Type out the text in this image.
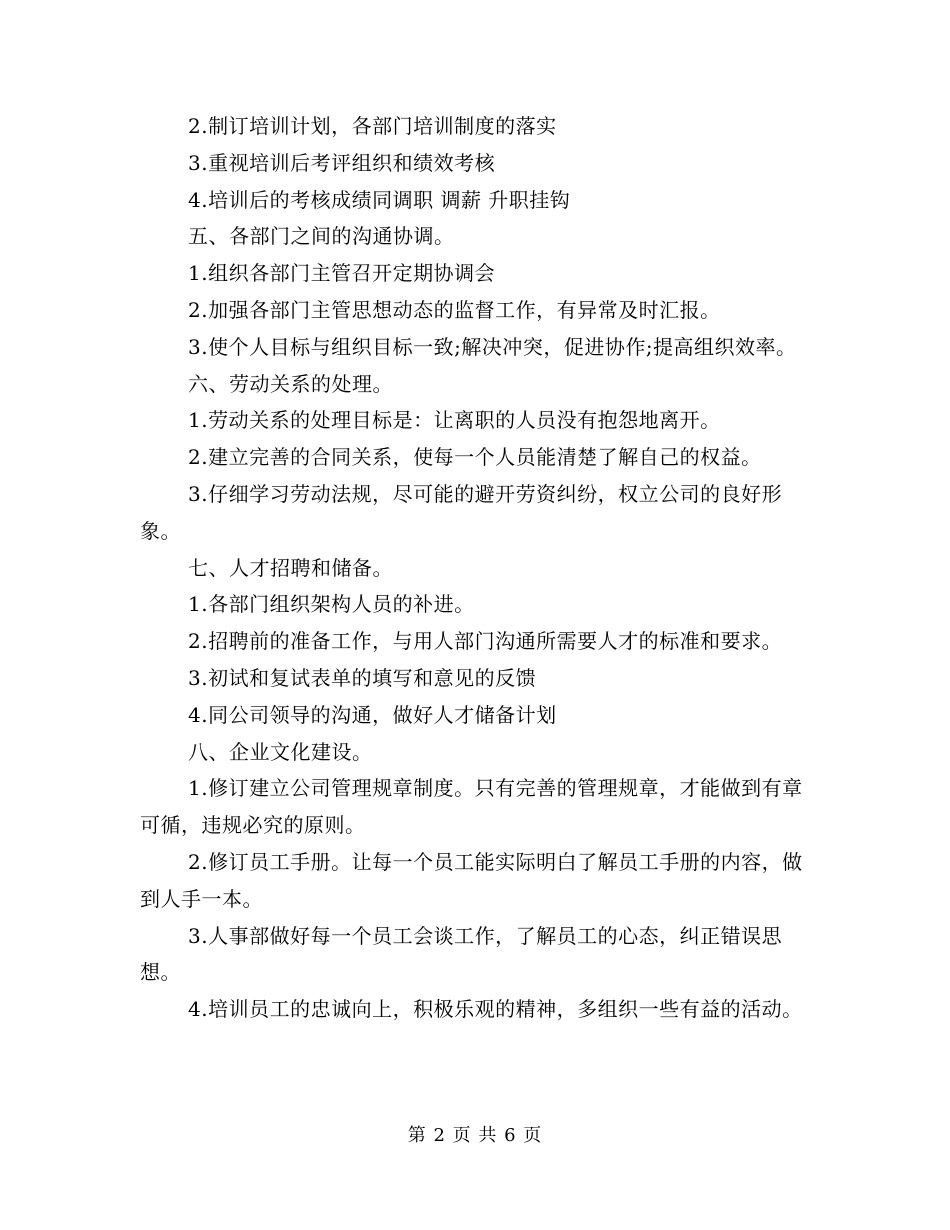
2.制订培训计划，各部门培训制度的落实

3.重视培训后考评组织和绩效考核

4.培训后的考核成绩同调职 调薪 升职挂钩

五、各部门之间的沟通协调。

1.组织各部门主管召开定期协调会

2.加强各部门主管思想动态的监督工作，有异常及时汇报。

3.使个人目标与组织目标一致;解决冲突，促进协作;提高组织效率。

六、劳动关系的处理。

1.劳动关系的处理目标是：让离职的人员没有抱怨地离开。

2.建立完善的合同关系，使每一个人员能清楚了解自己的权益。

3.仔细学习劳动法规，尽可能的避开劳资纠纷，权立公司的良好形象。

七、人才招聘和储备。

1.各部门组织架构人员的补进。

2.招聘前的准备工作，与用人部门沟通所需要人才的标准和要求。

3.初试和复试表单的填写和意见的反馈

4.同公司领导的沟通，做好人才储备计划

八、企业文化建设。

1.修订建立公司管理规章制度。只有完善的管理规章，才能做到有章可循，违规必究的原则。

2.修订员工手册。让每一个员工能实际明白了解员工手册的内容，做到人手一本。

3.人事部做好每一个员工会谈工作，了解员工的心态，纠正错误思想。

4.培训员工的忠诚向上，积极乐观的精神，多组织一些有益的活动。

第 2 页 共 6 页
